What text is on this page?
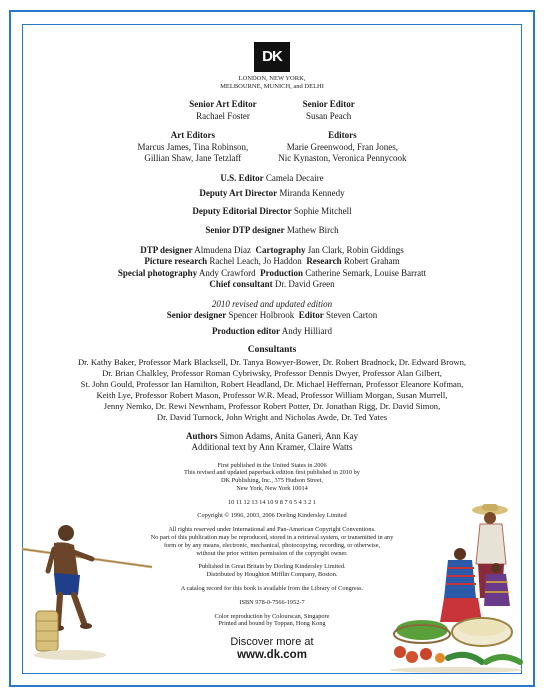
DK
LONDON, NEW YORK,
MELBOURNE, MUNICH, and DELHI
Senior Art Editor
Rachael Foster
Senior Editor
Susan Peach
Art Editors
Marcus James, Tina Robinson,
Gillian Shaw, Jane Tetzlaff
Editors
Marie Greenwood, Fran Jones,
Nic Kynaston, Veronica Pennycook
U.S. Editor Camela Decaire
Deputy Art Director Miranda Kennedy
Deputy Editorial Director Sophie Mitchell
Senior DTP designer Mathew Birch
DTP designer Almudena Díaz Cartography Jan Clark, Robin Giddings
Picture research Rachel Leach, Jo Haddon Research Robert Graham
Special photography Andy Crawford Production Catherine Semark, Louise Barratt
Chief consultant Dr. David Green
2010 revised and updated edition
Senior designer Spencer Holbrook Editor Steven Carton
Production editor Andy Hilliard
Consultants
Dr. Kathy Baker, Professor Mark Blacksell, Dr. Tanya Bowyer-Bower, Dr. Robert Bradnock, Dr. Edward Brown,
Dr. Brian Chalkley, Professor Roman Cybriwsky, Professor Dennis Dwyer, Professor Alan Gilbert,
St. John Gould, Professor Ian Hamilton, Robert Headland, Dr. Michael Heffernan, Professor Eleanore Kofman,
Keith Lye, Professor Robert Mason, Professor W.R. Mead, Professor William Morgan, Susan Murrell,
Jenny Nemko, Dr. Rewi Newnham, Professor Robert Potter, Dr. Jonathan Rigg, Dr. David Simon,
Dr. David Turnock, John Wright and Nicholas Awde, Dr. Ted Yates
Authors Simon Adams, Anita Ganeri, Ann Kay
Additional text by Ann Kramer, Claire Watts
First published in the United States in 2006
This revised and updated paperback edition first published in 2010 by
DK Publishing, Inc., 375 Hudson Street,
New York, New York 10014
10 11 12 13 14 10 9 8 7 6 5 4 3 2 1
Copyright © 1996, 2003, 2006 Dorling Kindersley Limited
All rights reserved under International and Pan-American Copyright Conventions.
No part of this publication may be reproduced, stored in a retrieval system, or transmitted in any
form or by any means, electronic, mechanical, photocopying, recording, or otherwise,
without the prior written permission of the copyright owner.
Published in Great Britain by Dorling Kindersley Limited.
Distributed by Houghton Mifflin Company, Boston.
A catalog record for this book is available from the Library of Congress.
ISBN 978-0-7566-1952-7
Color reproduction by Colourscan, Singapore
Printed and bound by Toppan, Hong Kong
Discover more at
www.dk.com
